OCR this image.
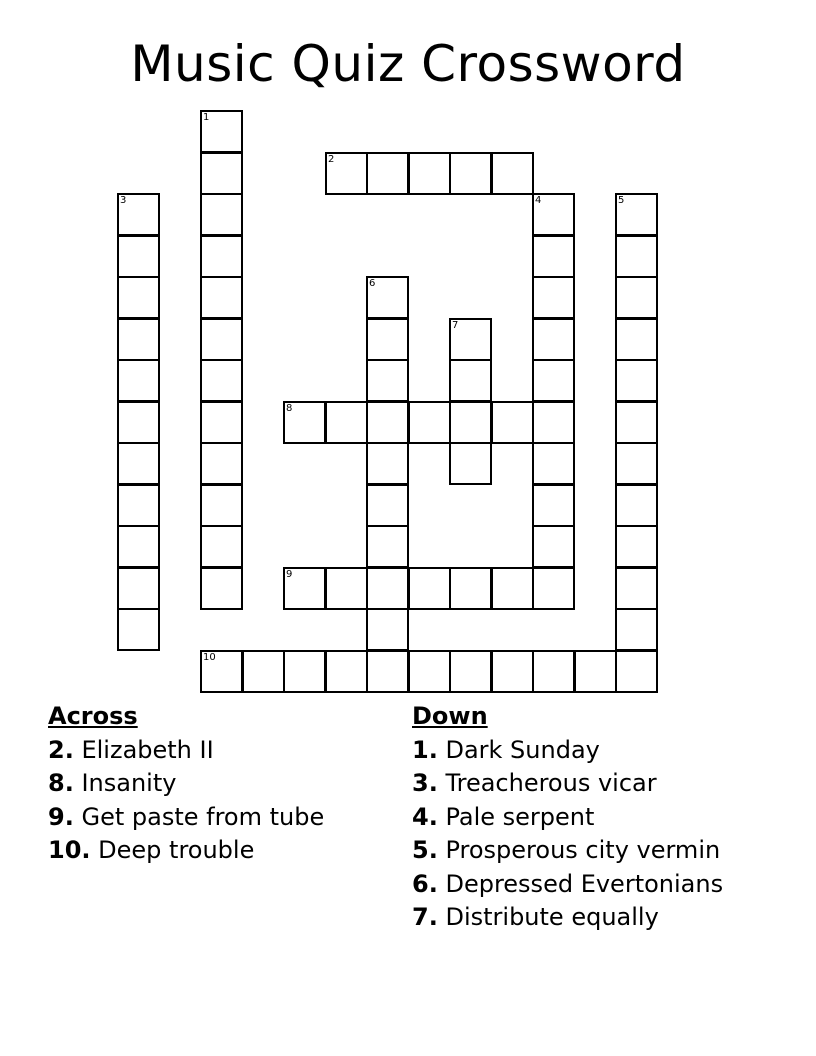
Music Quiz Crossword
1
2
3	4	5
6
7
8
9
10
Across
2. Elizabeth II
8. Insanity
9. Get paste from tube
10. Deep trouble
Down
1. Dark Sunday
3. Treacherous vicar
4. Pale serpent
5. Prosperous city vermin
6. Depressed Evertonians
7. Distribute equally
